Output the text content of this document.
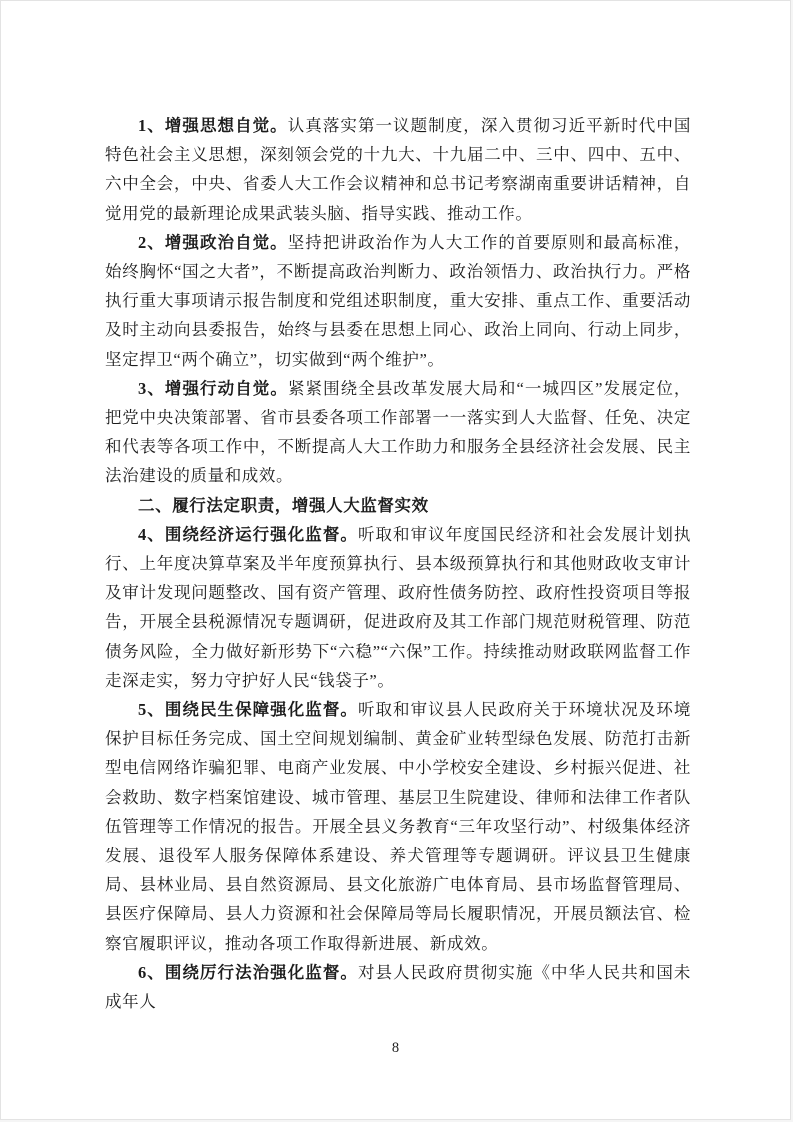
1、增强思想自觉。认真落实第一议题制度，深入贯彻习近平新时代中国特色社会主义思想，深刻领会党的十九大、十九届二中、三中、四中、五中、六中全会，中央、省委人大工作会议精神和总书记考察湖南重要讲话精神，自觉用党的最新理论成果武装头脑、指导实践、推动工作。

2、增强政治自觉。坚持把讲政治作为人大工作的首要原则和最高标准，始终胸怀“国之大者”，不断提高政治判断力、政治领悟力、政治执行力。严格执行重大事项请示报告制度和党组述职制度，重大安排、重点工作、重要活动及时主动向县委报告，始终与县委在思想上同心、政治上同向、行动上同步，坚定捍卫“两个确立”，切实做到“两个维护”。

3、增强行动自觉。紧紧围绕全县改革发展大局和“一城四区”发展定位，把党中央决策部署、省市县委各项工作部署一一落实到人大监督、任免、决定和代表等各项工作中，不断提高人大工作助力和服务全县经济社会发展、民主法治建设的质量和成效。

二、履行法定职责，增强人大监督实效

4、围绕经济运行强化监督。听取和审议年度国民经济和社会发展计划执行、上年度决算草案及半年度预算执行、县本级预算执行和其他财政收支审计及审计发现问题整改、国有资产管理、政府性债务防控、政府性投资项目等报告，开展全县税源情况专题调研，促进政府及其工作部门规范财税管理、防范债务风险，全力做好新形势下“六稳”“六保”工作。持续推动财政联网监督工作走深走实，努力守护好人民“钱袋子”。

5、围绕民生保障强化监督。听取和审议县人民政府关于环境状况及环境保护目标任务完成、国土空间规划编制、黄金矿业转型绿色发展、防范打击新型电信网络诈骗犯罪、电商产业发展、中小学校安全建设、乡村振兴促进、社会救助、数字档案馆建设、城市管理、基层卫生院建设、律师和法律工作者队伍管理等工作情况的报告。开展全县义务教育“三年攻坚行动”、村级集体经济发展、退役军人服务保障体系建设、养犬管理等专题调研。评议县卫生健康局、县林业局、县自然资源局、县文化旅游广电体育局、县市场监督管理局、县医疗保障局、县人力资源和社会保障局等局长履职情况，开展员额法官、检察官履职评议，推动各项工作取得新进展、新成效。

6、围绕厉行法治强化监督。对县人民政府贯彻实施《中华人民共和国未成年人

8
